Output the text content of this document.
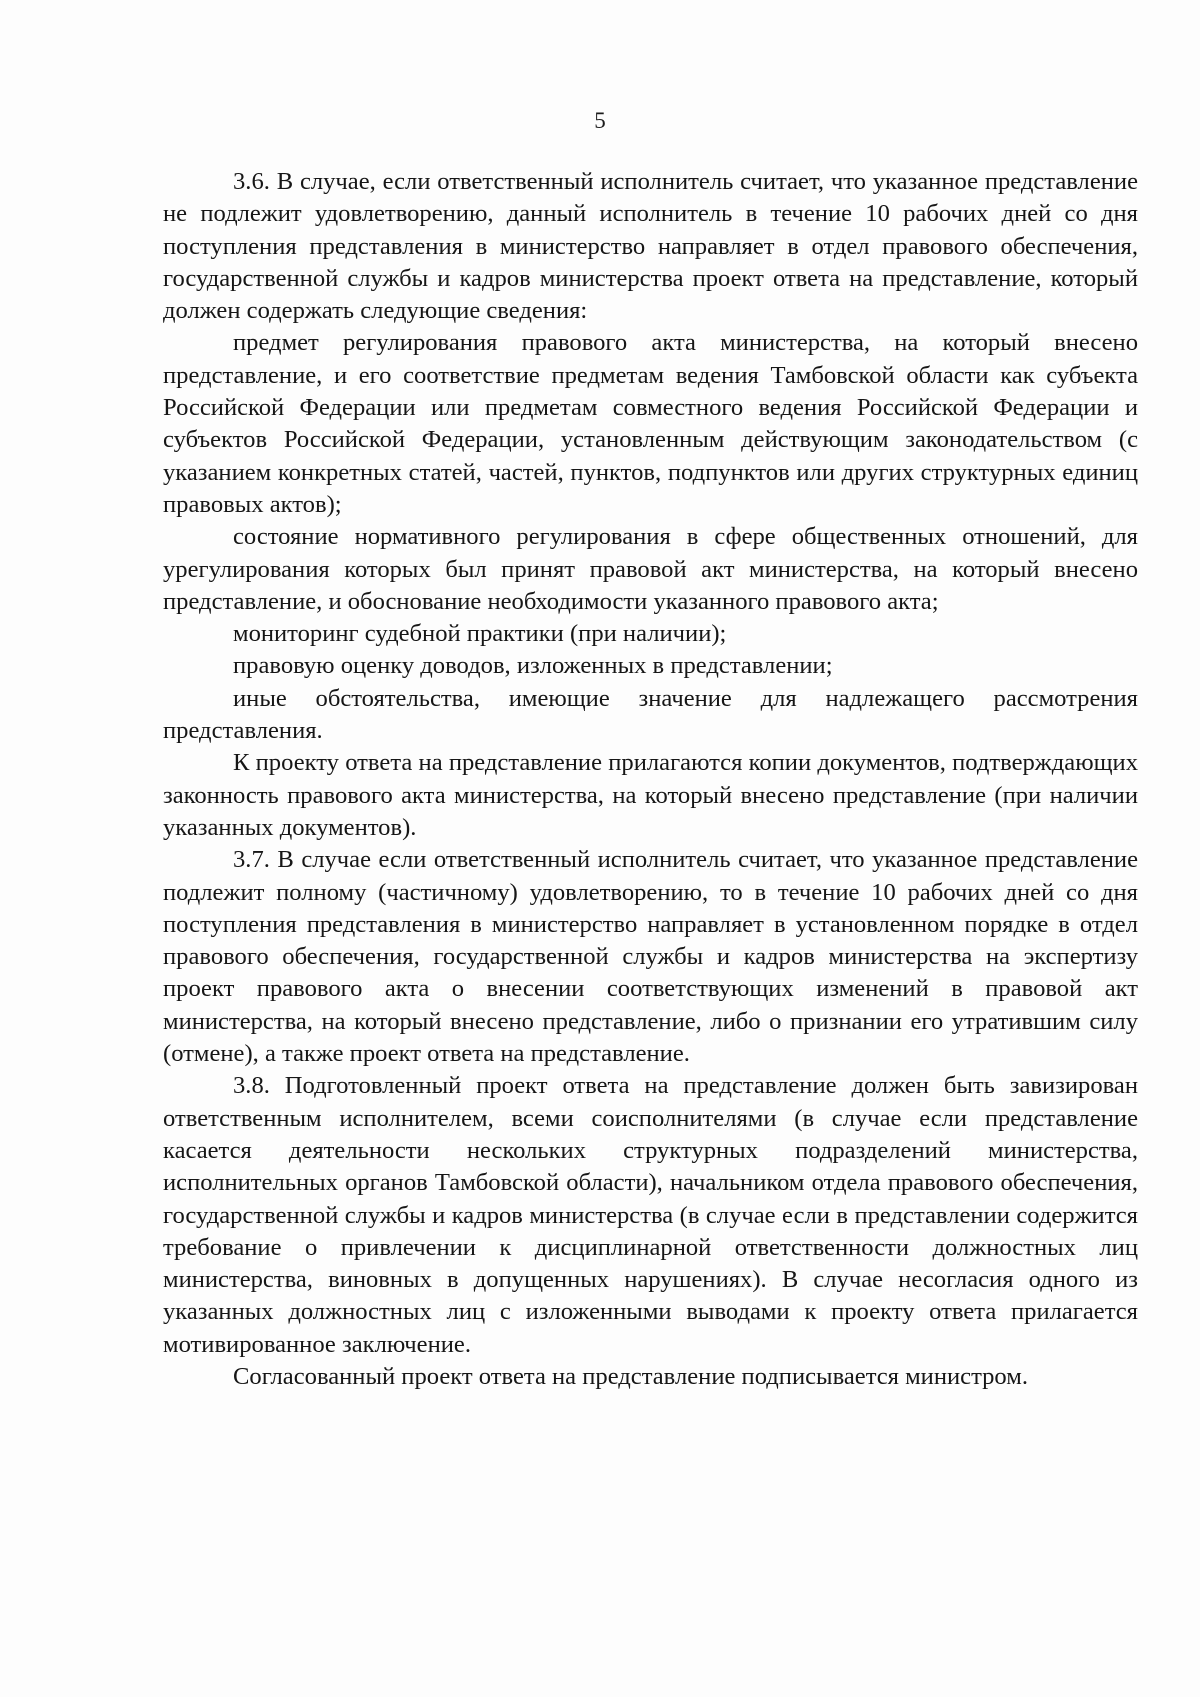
5

3.6. В случае, если ответственный исполнитель считает, что указанное представление не подлежит удовлетворению, данный исполнитель в течение 10 рабочих дней со дня поступления представления в министерство направляет в отдел правового обеспечения, государственной службы и кадров министерства проект ответа на представление, который должен содержать следующие сведения:

предмет регулирования правового акта министерства, на который внесено представление, и его соответствие предметам ведения Тамбовской области как субъекта Российской Федерации или предметам совместного ведения Российской Федерации и субъектов Российской Федерации, установленным действующим законодательством (с указанием конкретных статей, частей, пунктов, подпунктов или других структурных единиц правовых актов);

состояние нормативного регулирования в сфере общественных отношений, для урегулирования которых был принят правовой акт министерства, на который внесено представление, и обоснование необходимости указанного правового акта;

мониторинг судебной практики (при наличии);

правовую оценку доводов, изложенных в представлении;

иные обстоятельства, имеющие значение для надлежащего рассмотрения представления.

К проекту ответа на представление прилагаются копии документов, подтверждающих законность правового акта министерства, на который внесено представление (при наличии указанных документов).

3.7. В случае если ответственный исполнитель считает, что указанное представление подлежит полному (частичному) удовлетворению, то в течение 10 рабочих дней со дня поступления представления в министерство направляет в установленном порядке в отдел правового обеспечения, государственной службы и кадров министерства на экспертизу проект правового акта о внесении соответствующих изменений в правовой акт министерства, на который внесено представление, либо о признании его утратившим силу (отмене), а также проект ответа на представление.

3.8. Подготовленный проект ответа на представление должен быть завизирован ответственным исполнителем, всеми соисполнителями (в случае если представление касается деятельности нескольких структурных подразделений министерства, исполнительных органов Тамбовской области), начальником отдела правового обеспечения, государственной службы и кадров министерства (в случае если в представлении содержится требование о привлечении к дисциплинарной ответственности должностных лиц министерства, виновных в допущенных нарушениях). В случае несогласия одного из указанных должностных лиц с изложенными выводами к проекту ответа прилагается мотивированное заключение.

Согласованный проект ответа на представление подписывается министром.
